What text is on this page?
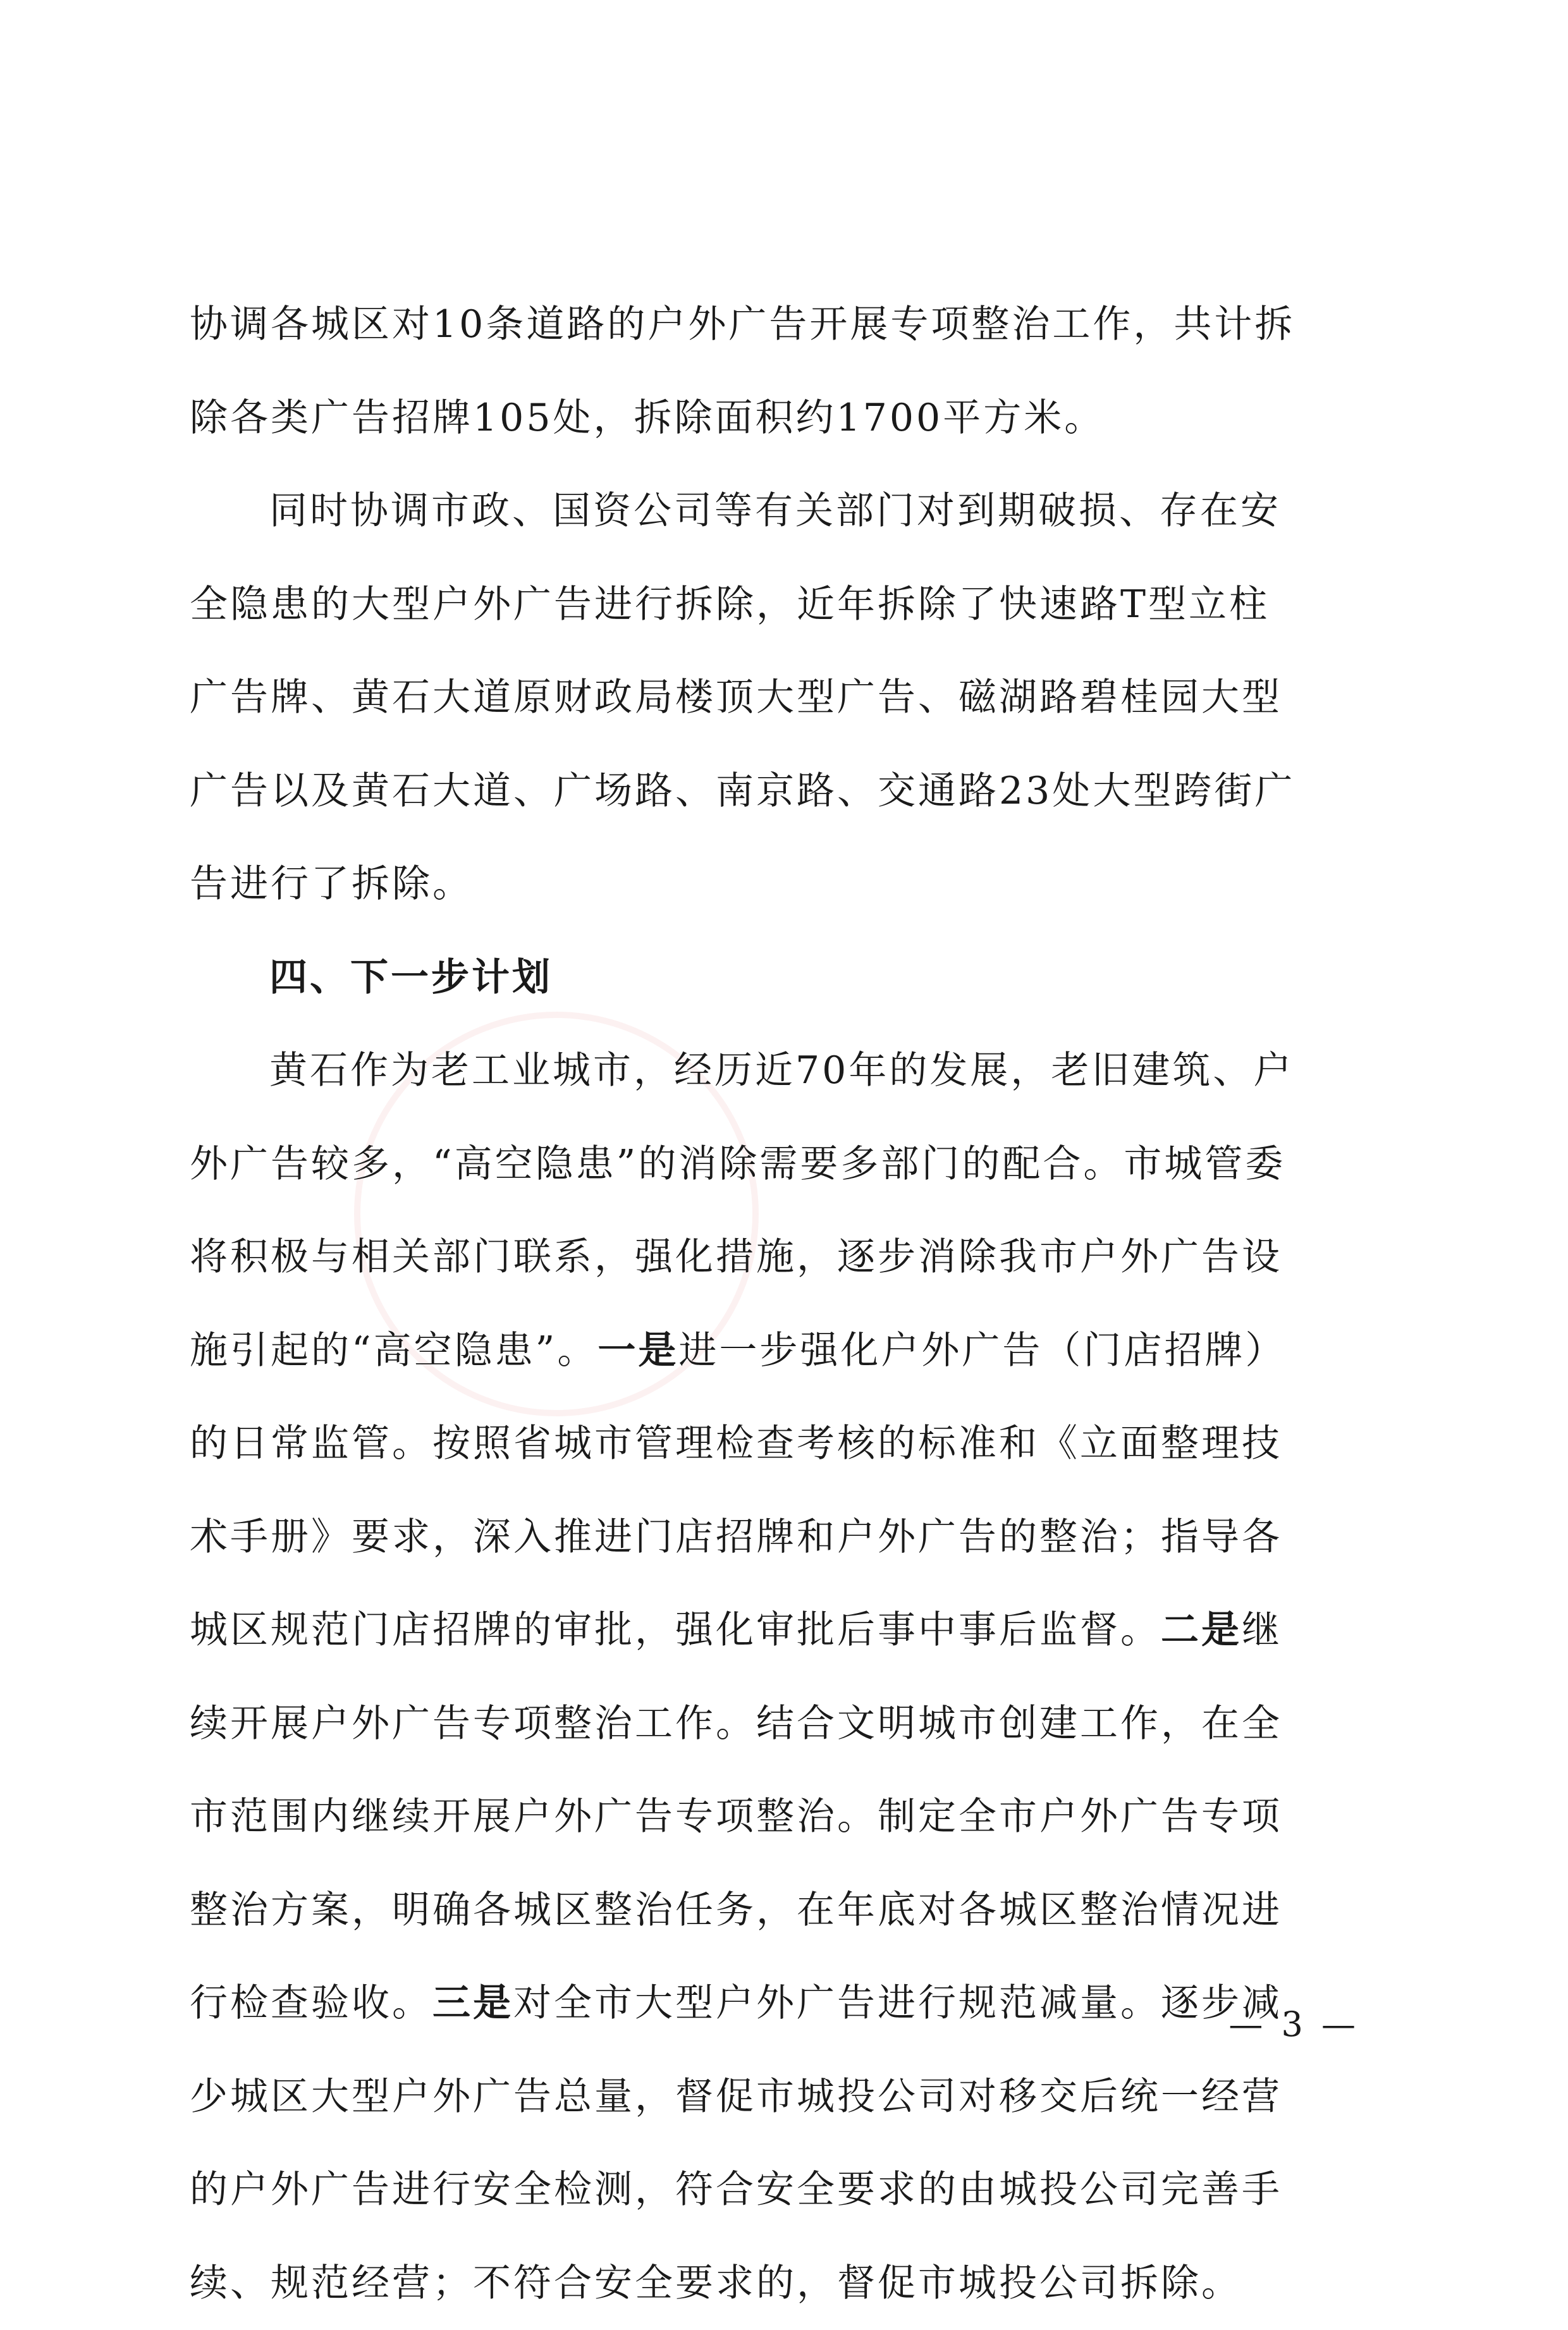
协调各城区对10条道路的户外广告开展专项整治工作，共计拆
除各类广告招牌105处，拆除面积约1700平方米。
同时协调市政、国资公司等有关部门对到期破损、存在安
全隐患的大型户外广告进行拆除，近年拆除了快速路T型立柱
广告牌、黄石大道原财政局楼顶大型广告、磁湖路碧桂园大型
广告以及黄石大道、广场路、南京路、交通路23处大型跨街广
告进行了拆除。
四、下一步计划
黄石作为老工业城市，经历近70年的发展，老旧建筑、户
外广告较多，“高空隐患”的消除需要多部门的配合。市城管委
将积极与相关部门联系，强化措施，逐步消除我市户外广告设
施引起的“高空隐患”。一是进一步强化户外广告（门店招牌）
的日常监管。按照省城市管理检查考核的标准和《立面整理技
术手册》要求，深入推进门店招牌和户外广告的整治；指导各
城区规范门店招牌的审批，强化审批后事中事后监督。二是继
续开展户外广告专项整治工作。结合文明城市创建工作，在全
市范围内继续开展户外广告专项整治。制定全市户外广告专项
整治方案，明确各城区整治任务，在年底对各城区整治情况进
行检查验收。三是对全市大型户外广告进行规范减量。逐步减
少城区大型户外广告总量，督促市城投公司对移交后统一经营
的户外广告进行安全检测，符合安全要求的由城投公司完善手
续、规范经营；不符合安全要求的，督促市城投公司拆除。
— 3 —
